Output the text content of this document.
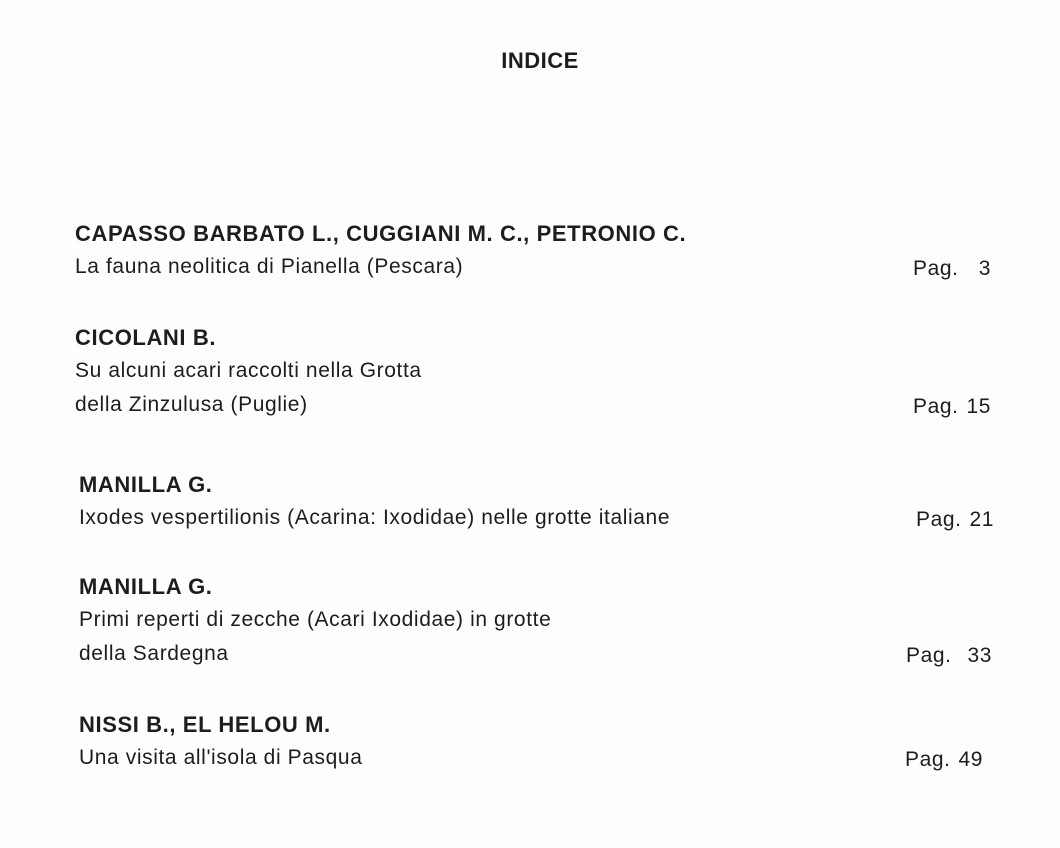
INDICE
CAPASSO BARBATO L., CUGGIANI M. C., PETRONIO C.
La fauna neolitica di Pianella (Pescara)	Pag. 3
CICOLANI B.
Su alcuni acari raccolti nella Grotta
della Zinzulusa (Puglie)	Pag. 15
MANILLA G.
Ixodes vespertilionis (Acarina: Ixodidae) nelle grotte italiane	Pag. 21
MANILLA G.
Primi reperti di zecche (Acari Ixodidae) in grotte
della Sardegna	Pag. 33
NISSI B., EL HELOU M.
Una visita all'isola di Pasqua	Pag. 49
